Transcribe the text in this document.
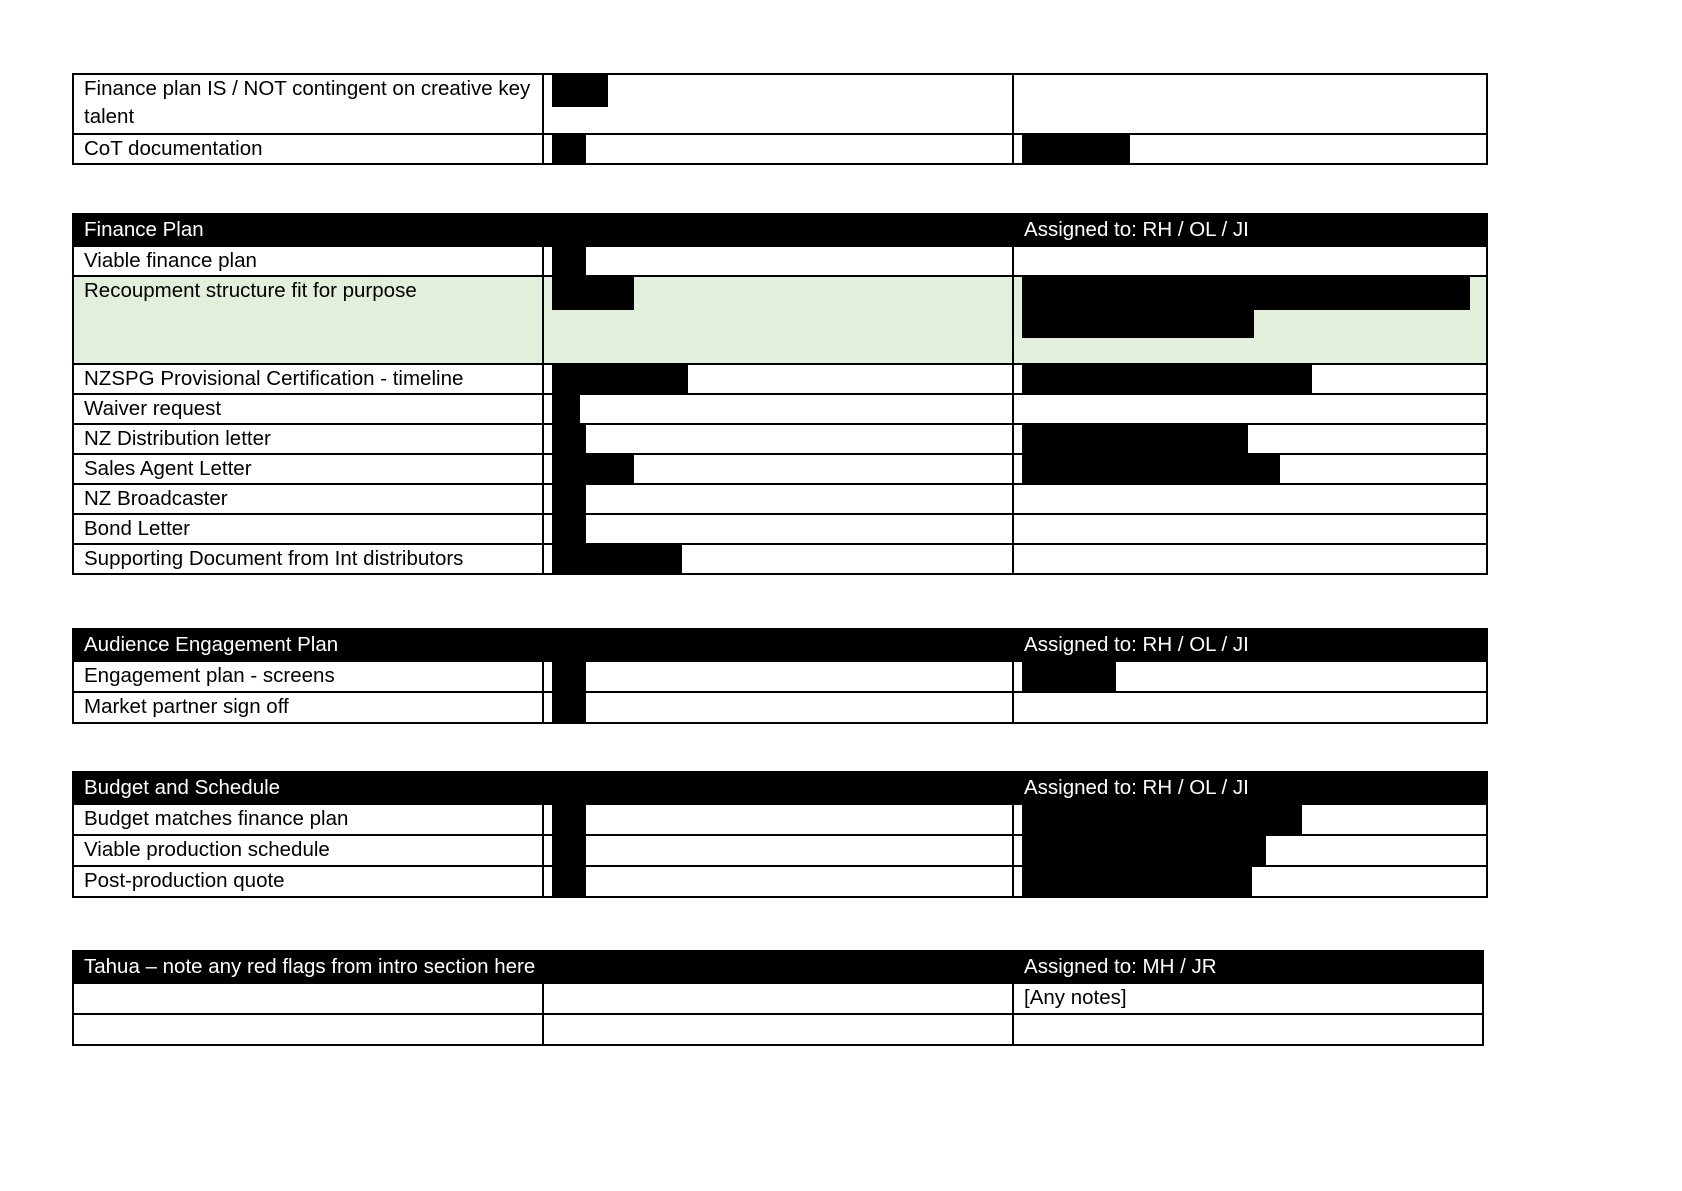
Finance plan IS / NOT contingent on creative key talent	

CoT documentation	

Finance Plan		Assigned to: RH / OL / JI
Viable finance plan	

Recoupment structure fit for purpose	

NZSPG Provisional Certification - timeline	

Waiver request	

NZ Distribution letter	

Sales Agent Letter	

NZ Broadcaster	

Bond Letter	

Supporting Document from Int distributors	

Audience Engagement Plan		Assigned to: RH / OL / JI
Engagement plan - screens	

Market partner sign off	

Budget and Schedule		Assigned to: RH / OL / JI
Budget matches finance plan	

Viable production schedule	

Post-production quote	

Tahua – note any red flags from intro section here		Assigned to: MH / JR
		[Any notes]
